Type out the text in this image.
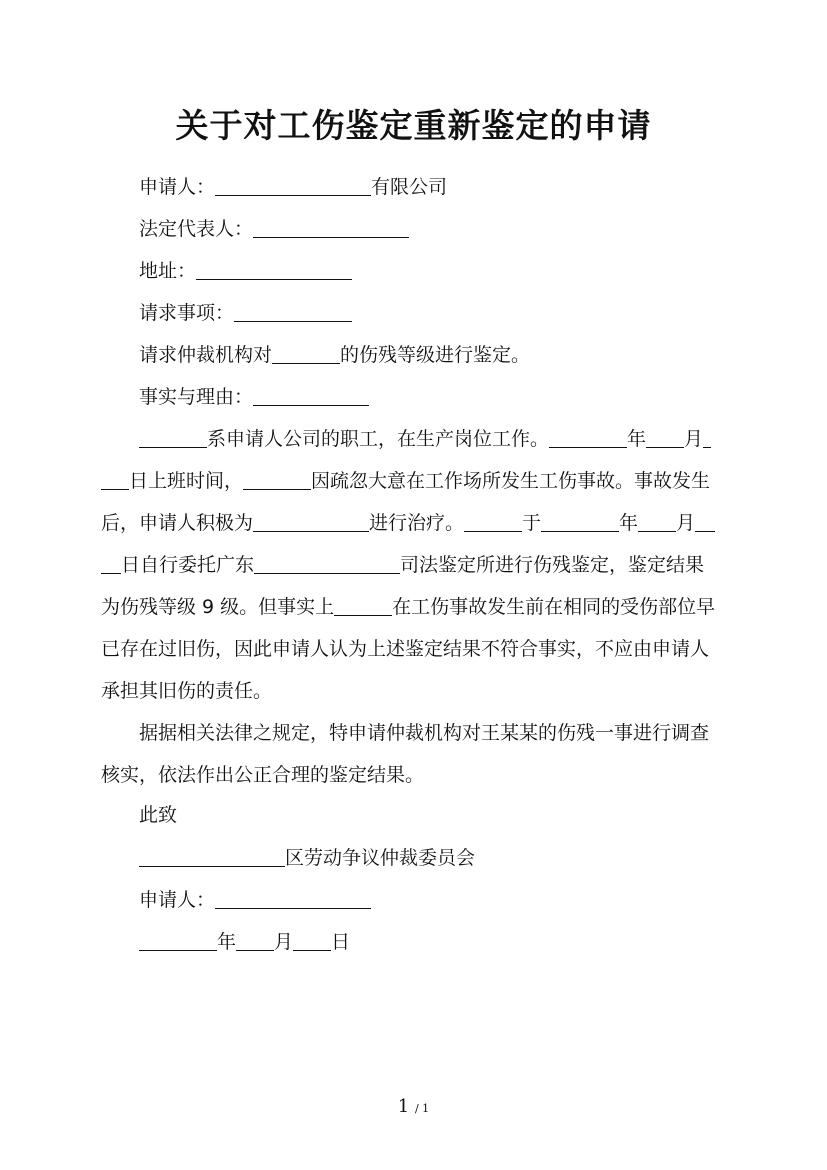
关于对工伤鉴定重新鉴定的申请
申请人：	有限公司
法定代表人：
地址：
请求事项：
请求仲裁机构对	的伤残等级进行鉴定。
事实与理由：
系申请人公司的职工，在生产岗位工作。	年 月
日上班时间，	因疏忽大意在工作场所发生工伤事故。事故发生
后，申请人积极为	进行治疗。	于	年 月
日自行委托广东	司法鉴定所进行伤残鉴定，鉴定结果
为伤残等级 9 级。但事实上	在工伤事故发生前在相同的受伤部位早
已存在过旧伤，因此申请人认为上述鉴定结果不符合事实，不应由申请人
承担其旧伤的责任。
据据相关法律之规定，特申请仲裁机构对王某某的伤残一事进行调查
核实，依法作出公正合理的鉴定结果。
此致
区劳动争议仲裁委员会
申请人：
年 月 日
1 / 1
